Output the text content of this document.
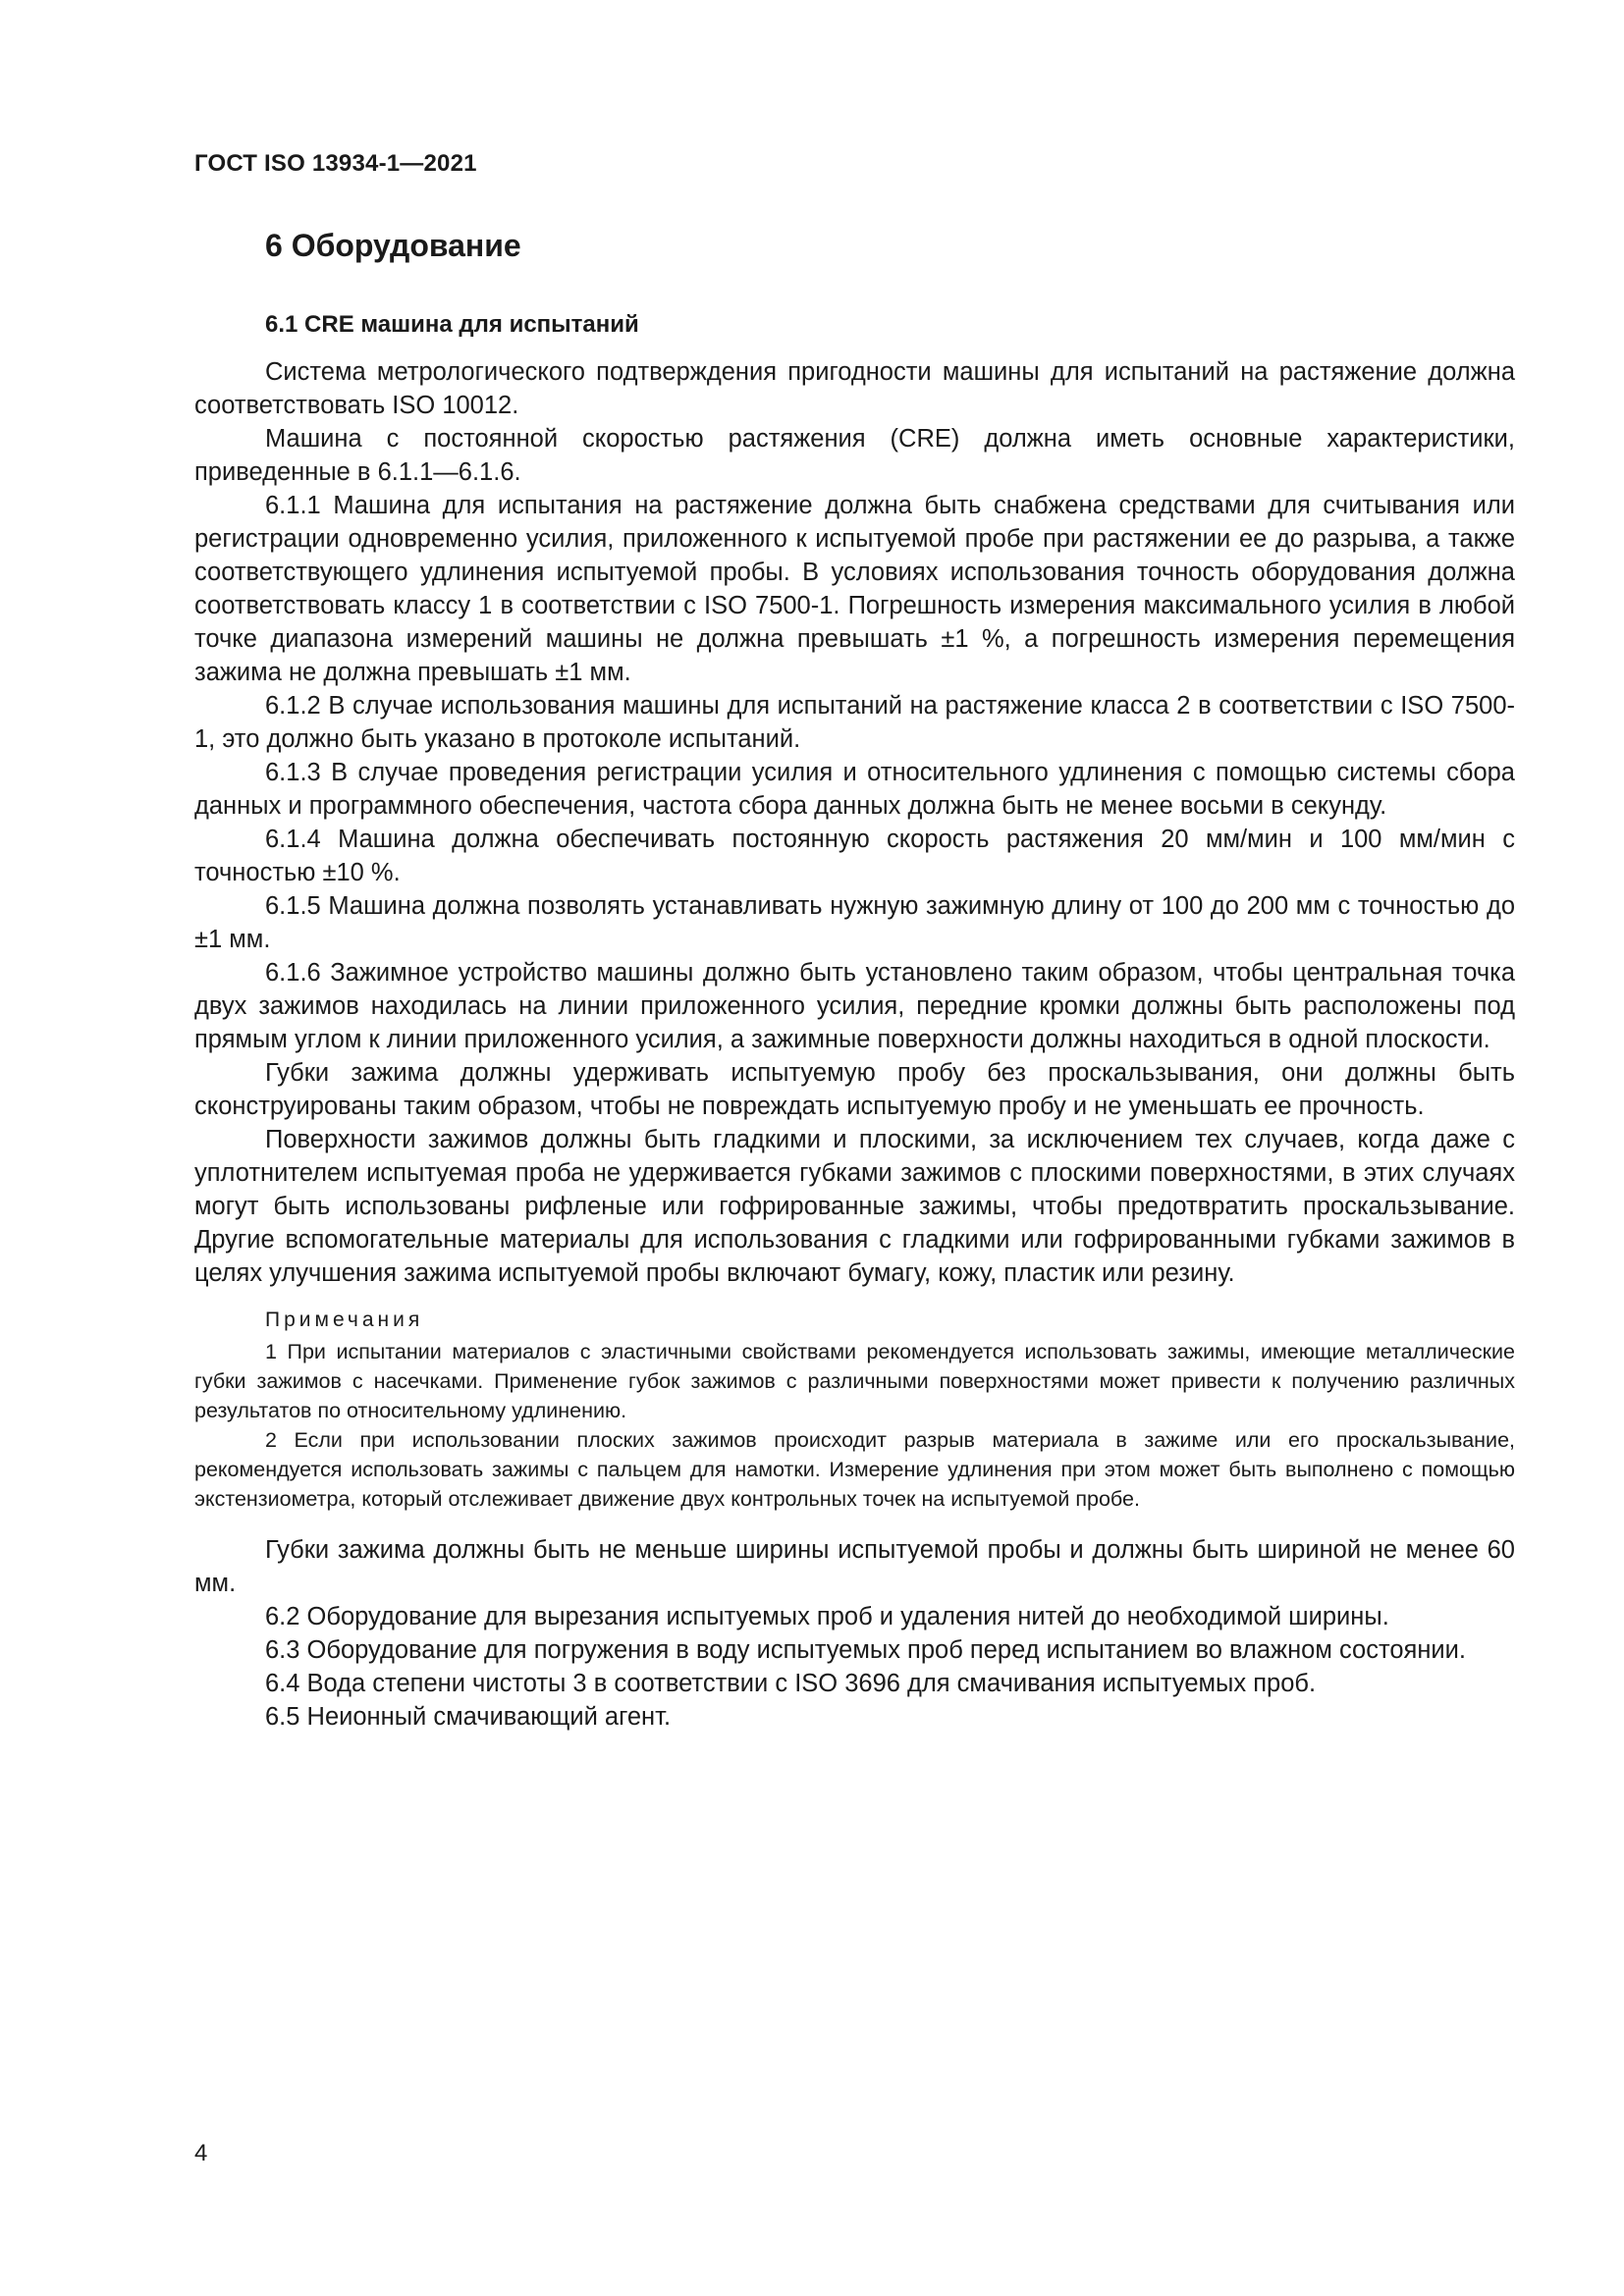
ГОСТ ISO 13934-1—2021
6 Оборудование
6.1 CRE машина для испытаний

Система метрологического подтверждения пригодности машины для испытаний на растяжение должна соответствовать ISO 10012.

Машина с постоянной скоростью растяжения (CRE) должна иметь основные характеристики, приведенные в 6.1.1—6.1.6.

6.1.1 Машина для испытания на растяжение должна быть снабжена средствами для считывания или регистрации одновременно усилия, приложенного к испытуемой пробе при растяжении ее до разрыва, а также соответствующего удлинения испытуемой пробы. В условиях использования точность оборудования должна соответствовать классу 1 в соответствии с ISO 7500-1. Погрешность измерения максимального усилия в любой точке диапазона измерений машины не должна превышать ±1 %, а погрешность измерения перемещения зажима не должна превышать ±1 мм.

6.1.2 В случае использования машины для испытаний на растяжение класса 2 в соответствии с ISO 7500-1, это должно быть указано в протоколе испытаний.

6.1.3 В случае проведения регистрации усилия и относительного удлинения с помощью системы сбора данных и программного обеспечения, частота сбора данных должна быть не менее восьми в секунду.

6.1.4 Машина должна обеспечивать постоянную скорость растяжения 20 мм/мин и 100 мм/мин с точностью ±10 %.

6.1.5 Машина должна позволять устанавливать нужную зажимную длину от 100 до 200 мм с точностью до ±1 мм.

6.1.6 Зажимное устройство машины должно быть установлено таким образом, чтобы центральная точка двух зажимов находилась на линии приложенного усилия, передние кромки должны быть расположены под прямым углом к линии приложенного усилия, а зажимные поверхности должны находиться в одной плоскости.

Губки зажима должны удерживать испытуемую пробу без проскальзывания, они должны быть сконструированы таким образом, чтобы не повреждать испытуемую пробу и не уменьшать ее прочность.

Поверхности зажимов должны быть гладкими и плоскими, за исключением тех случаев, когда даже с уплотнителем испытуемая проба не удерживается губками зажимов с плоскими поверхностями, в этих случаях могут быть использованы рифленые или гофрированные зажимы, чтобы предотвратить проскальзывание. Другие вспомогательные материалы для использования с гладкими или гофрированными губками зажимов в целях улучшения зажима испытуемой пробы включают бумагу, кожу, пластик или резину.

Примечания

1 При испытании материалов с эластичными свойствами рекомендуется использовать зажимы, имеющие металлические губки зажимов с насечками. Применение губок зажимов с различными поверхностями может привести к получению различных результатов по относительному удлинению.

2 Если при использовании плоских зажимов происходит разрыв материала в зажиме или его проскальзывание, рекомендуется использовать зажимы с пальцем для намотки. Измерение удлинения при этом может быть выполнено с помощью экстензиометра, который отслеживает движение двух контрольных точек на испытуемой пробе.

Губки зажима должны быть не меньше ширины испытуемой пробы и должны быть шириной не менее 60 мм.

6.2 Оборудование для вырезания испытуемых проб и удаления нитей до необходимой ширины.

6.3 Оборудование для погружения в воду испытуемых проб перед испытанием во влажном состоянии.

6.4 Вода степени чистоты 3 в соответствии с ISO 3696 для смачивания испытуемых проб.

6.5 Неионный смачивающий агент.

4
